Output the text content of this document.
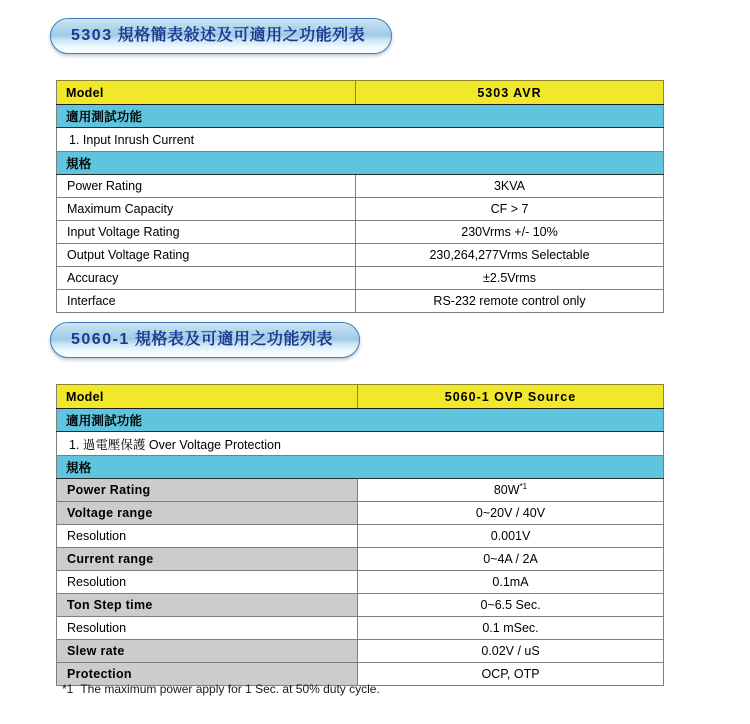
5303 規格簡表敍述及可適用之功能列表
Model	5303 AVR
適用測試功能	
1. Input Inrush Current	
規格	
Power Rating	3KVA
Maximum Capacity	CF > 7
Input Voltage Rating	230Vrms +/- 10%
Output Voltage Rating	230,264,277Vrms Selectable
Accuracy	±2.5Vrms
Interface	RS-232 remote control only
5060-1 規格表及可適用之功能列表
Model	5060-1 OVP Source
適用測試功能	
1. 過電壓保護 Over Voltage Protection	
規格	
Power Rating	$80W^{*1}$
Voltage range	0~20V / 40V
Resolution	0.001V
Current range	0~4A / 2A
Resolution	0.1mA
Ton Step time	0~6.5 Sec.
Resolution	0.1 mSec.
Slew rate	0.02V / uS
Protection	OCP, OTP
*1 The maximum power apply for 1 Sec. at 50% duty cycle.
